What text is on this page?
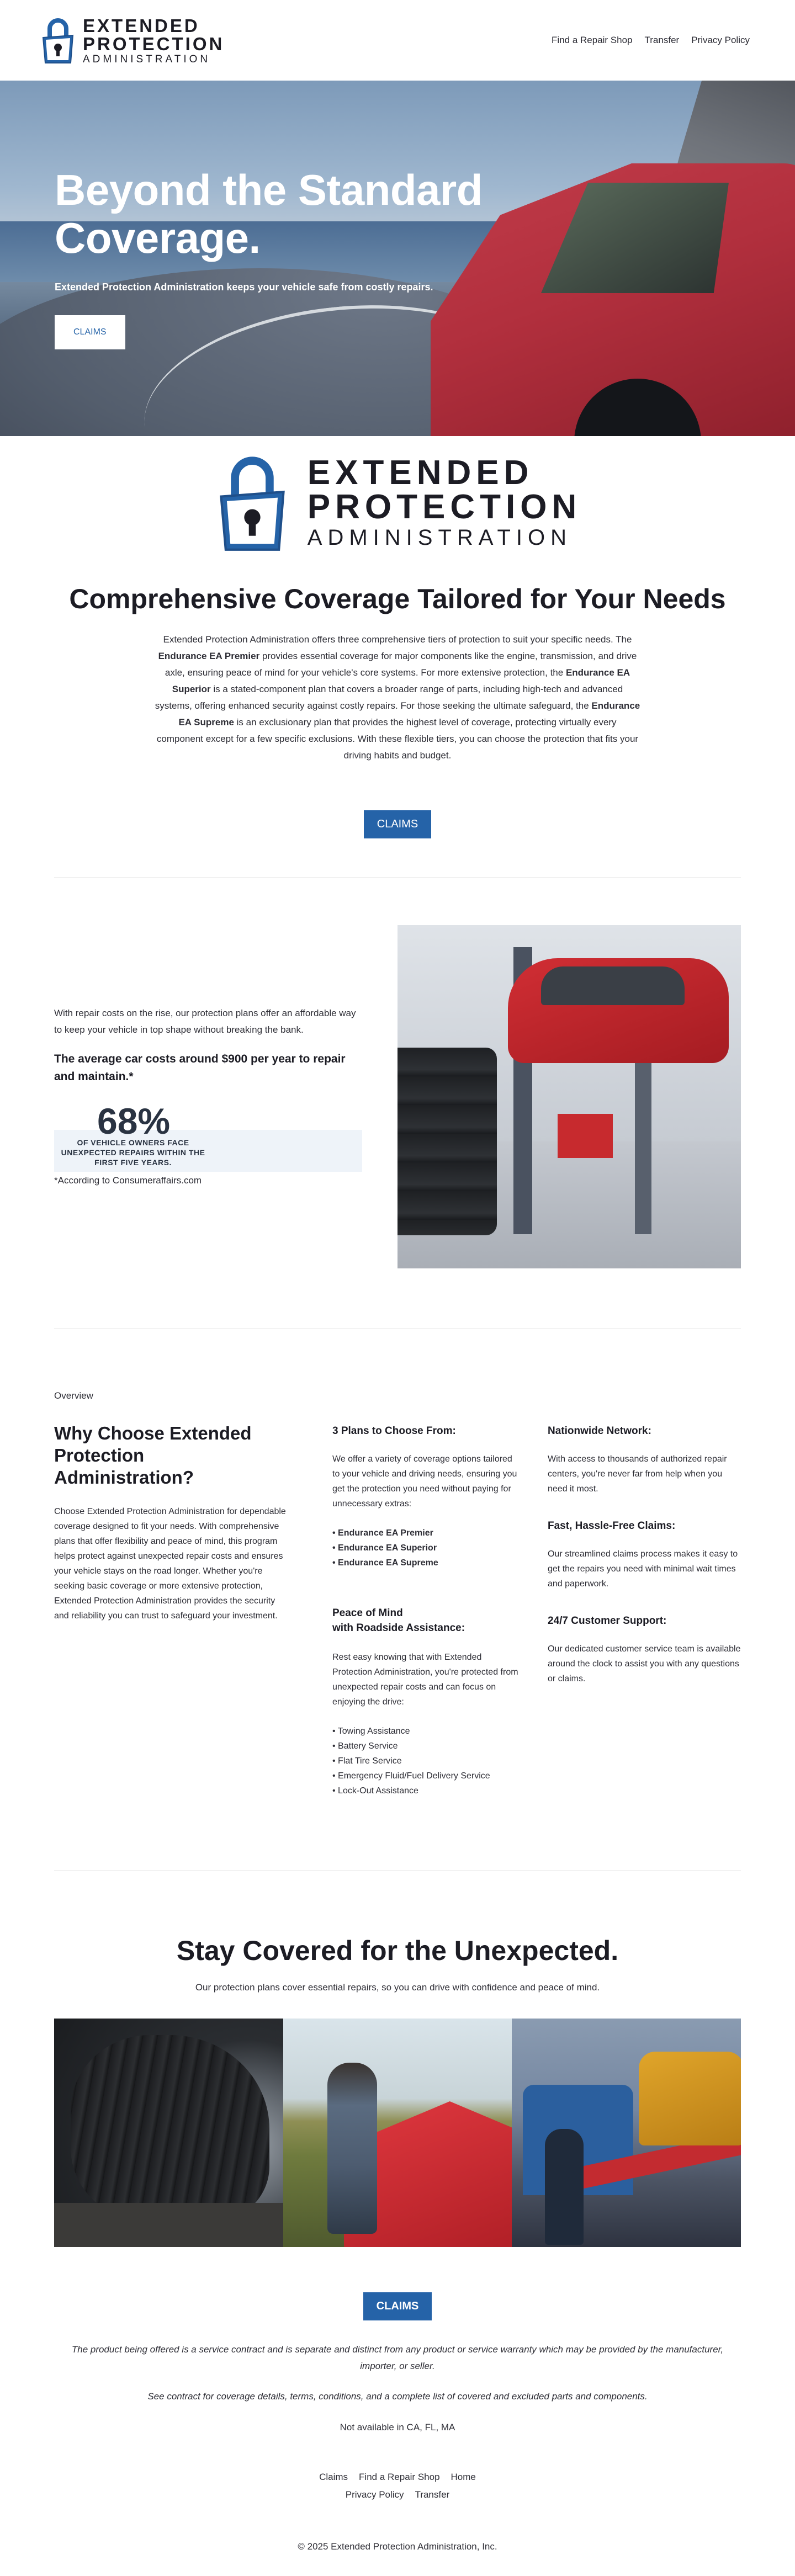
EXTENDED
PROTECTION
ADMINISTRATION
Find a Repair Shop Transfer Privacy Policy
Beyond the Standard Coverage.

Extended Protection Administration keeps your vehicle safe from costly repairs.

CLAIMS
EXTENDED
PROTECTION
ADMINISTRATION
Comprehensive Coverage Tailored for Your Needs

Extended Protection Administration offers three comprehensive tiers of protection to suit your specific needs. The Endurance EA Premier provides essential coverage for major components like the engine, transmission, and drive axle, ensuring peace of mind for your vehicle's core systems. For more extensive protection, the Endurance EA Superior is a stated-component plan that covers a broader range of parts, including high-tech and advanced systems, offering enhanced security against costly repairs. For those seeking the ultimate safeguard, the Endurance EA Supreme is an exclusionary plan that provides the highest level of coverage, protecting virtually every component except for a few specific exclusions. With these flexible tiers, you can choose the protection that fits your driving habits and budget.

CLAIMS

With repair costs on the rise, our protection plans offer an affordable way to keep your vehicle in top shape without breaking the bank.

The average car costs around $900 per year to repair and maintain.*

68%
OF VEHICLE OWNERS FACE UNEXPECTED REPAIRS WITHIN THE FIRST FIVE YEARS.

*According to Consumeraffairs.com

Overview

Why Choose Extended Protection Administration?

Choose Extended Protection Administration for dependable coverage designed to fit your needs. With comprehensive plans that offer flexibility and peace of mind, this program helps protect against unexpected repair costs and ensures your vehicle stays on the road longer. Whether you're seeking basic coverage or more extensive protection, Extended Protection Administration provides the security and reliability you can trust to safeguard your investment.

3 Plans to Choose From:

We offer a variety of coverage options tailored to your vehicle and driving needs, ensuring you get the protection you need without paying for unnecessary extras:

• Endurance EA Premier
• Endurance EA Superior
• Endurance EA Supreme
Peace of Mind
with Roadside Assistance:

Rest easy knowing that with Extended Protection Administration, you're protected from unexpected repair costs and can focus on enjoying the drive:

• Towing Assistance
• Battery Service
• Flat Tire Service
• Emergency Fluid/Fuel Delivery Service
• Lock-Out Assistance
Nationwide Network:

With access to thousands of authorized repair centers, you're never far from help when you need it most.

Fast, Hassle-Free Claims:

Our streamlined claims process makes it easy to get the repairs you need with minimal wait times and paperwork.

24/7 Customer Support:

Our dedicated customer service team is available around the clock to assist you with any questions or claims.

Stay Covered for the Unexpected.

Our protection plans cover essential repairs, so you can drive with confidence and peace of mind.

CLAIMS

The product being offered is a service contract and is separate and distinct from any product or service warranty which may be provided by the manufacturer, importer, or seller.

See contract for coverage details, terms, conditions, and a complete list of covered and excluded parts and components.

Not available in CA, FL, MA

Claims Find a Repair Shop Home
Privacy Policy Transfer

© 2025 Extended Protection Administration, Inc.
